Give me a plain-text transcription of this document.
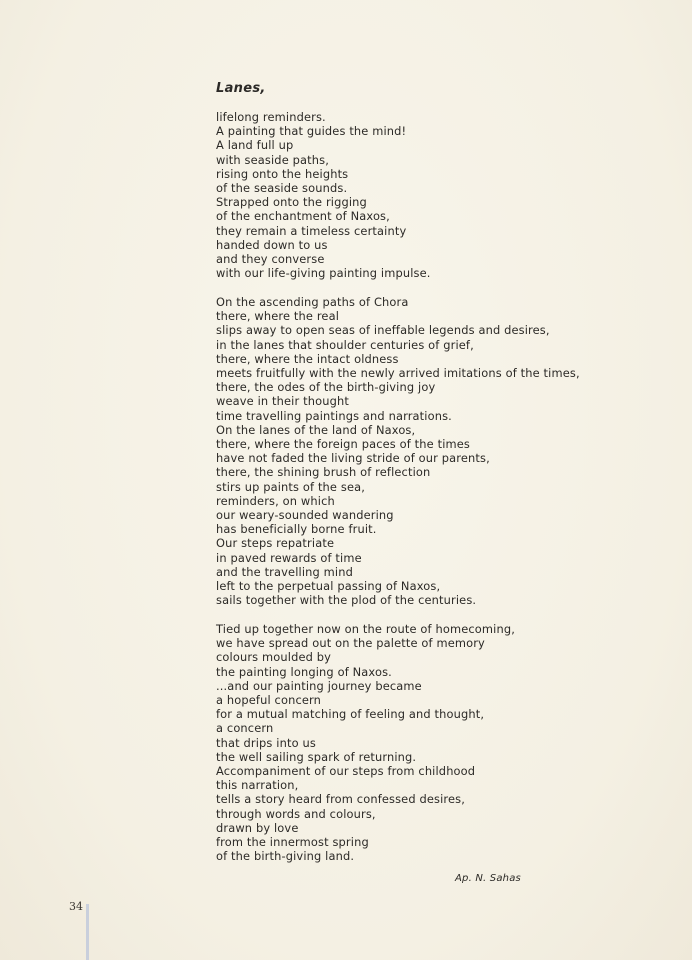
Lanes,
lifelong reminders.
A painting that guides the mind!
A land full up
with seaside paths,
rising onto the heights
of the seaside sounds.
Strapped onto the rigging
of the enchantment of Naxos,
they remain a timeless certainty
handed down to us
and they converse
with our life-giving painting impulse.
On the ascending paths of Chora
there, where the real
slips away to open seas of ineffable legends and desires,
in the lanes that shoulder centuries of grief,
there, where the intact oldness
meets fruitfully with the newly arrived imitations of the times,
there, the odes of the birth-giving joy
weave in their thought
time travelling paintings and narrations.
On the lanes of the land of Naxos,
there, where the foreign paces of the times
have not faded the living stride of our parents,
there, the shining brush of reflection
stirs up paints of the sea,
reminders, on which
our weary-sounded wandering
has beneficially borne fruit.
Our steps repatriate
in paved rewards of time
and the travelling mind
left to the perpetual passing of Naxos,
sails together with the plod of the centuries.
Tied up together now on the route of homecoming,
we have spread out on the palette of memory
colours moulded by
the painting longing of Naxos.
...and our painting journey became
a hopeful concern
for a mutual matching of feeling and thought,
a concern
that drips into us
the well sailing spark of returning.
Accompaniment of our steps from childhood
this narration,
tells a story heard from confessed desires,
through words and colours,
drawn by love
from the innermost spring
of the birth-giving land.
Ap. N. Sahas
34
